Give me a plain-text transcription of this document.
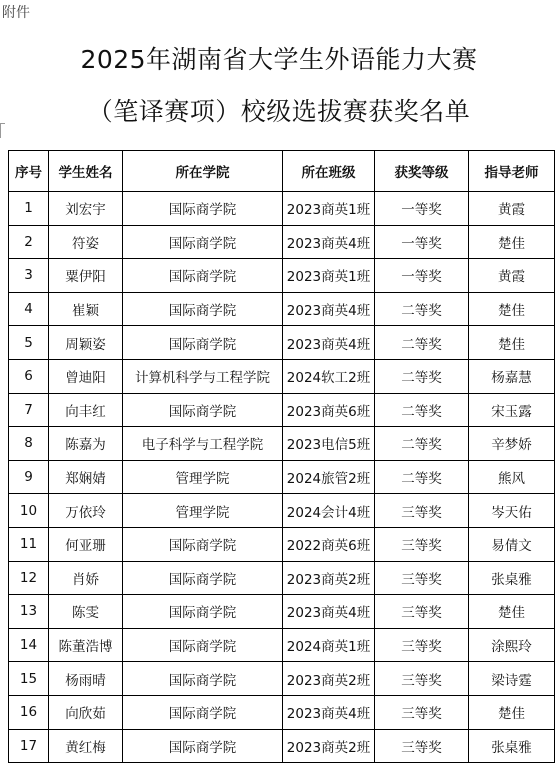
附件
2025年湖南省大学生外语能力大赛
（笔译赛项）校级选拔赛获奖名单
序号	学生姓名	所在学院	所在班级	获奖等级	指导老师
1	刘宏宇	国际商学院	2023商英1班	一等奖	黄霞
2	符姿	国际商学院	2023商英4班	一等奖	楚佳
3	粟伊阳	国际商学院	2023商英1班	一等奖	黄霞
4	崔颖	国际商学院	2023商英4班	二等奖	楚佳
5	周颖姿	国际商学院	2023商英4班	二等奖	楚佳
6	曾迪阳	计算机科学与工程学院	2024软工2班	二等奖	杨嘉慧
7	向丰红	国际商学院	2023商英6班	二等奖	宋玉露
8	陈嘉为	电子科学与工程学院	2023电信5班	二等奖	辛梦娇
9	郑娴婧	管理学院	2024旅管2班	二等奖	熊风
10	万依玲	管理学院	2024会计4班	三等奖	岑天佑
11	何亚珊	国际商学院	2022商英6班	三等奖	易倩文
12	肖娇	国际商学院	2023商英2班	三等奖	张桌雅
13	陈雯	国际商学院	2023商英4班	三等奖	楚佳
14	陈董浩博	国际商学院	2024商英1班	三等奖	涂熙玲
15	杨雨晴	国际商学院	2023商英2班	三等奖	梁诗霆
16	向欣茹	国际商学院	2023商英4班	三等奖	楚佳
17	黄红梅	国际商学院	2023商英2班	三等奖	张桌雅
